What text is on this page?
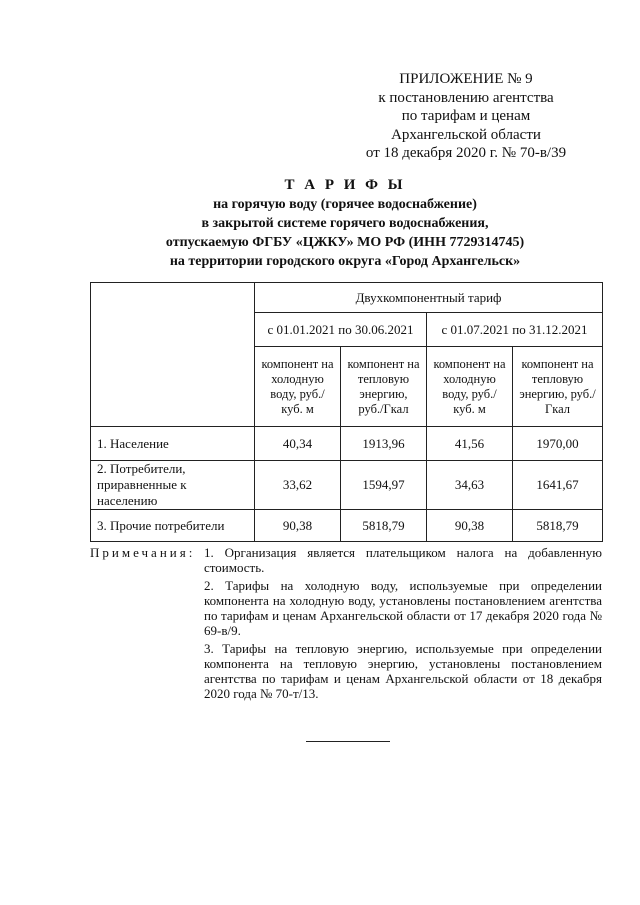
ПРИЛОЖЕНИЕ № 9
к постановлению агентства
по тарифам и ценам
Архангельской области
от 18 декабря 2020 г. № 70-в/39
Т А Р И Ф Ы
на горячую воду (горячее водоснабжение)
в закрытой системе горячего водоснабжения,
отпускаемую ФГБУ «ЦЖКУ» МО РФ (ИНН 7729314745)
на территории городского округа «Город Архангельск»
	Двухкомпонентный тариф			
	с 01.01.2021 по 30.06.2021		с 01.07.2021 по 31.12.2021	
	компонент на холодную воду, руб./куб. м	компонент на тепловую энергию, руб./Гкал	компонент на холодную воду, руб./куб. м	компонент на тепловую энергию, руб./Гкал
1. Население	40,34	1913,96	41,56	1970,00
2. Потребители, приравненные к населению	33,62	1594,97	34,63	1641,67
3. Прочие потребители	90,38	5818,79	90,38	5818,79
Примечания: 1. Организация является плательщиком налога на добавленную стоимость.
2. Тарифы на холодную воду, используемые при определении компонента на холодную воду, установлены постановлением агентства по тарифам и ценам Архангельской области от 17 декабря 2020 года № 69-в/9.
3. Тарифы на тепловую энергию, используемые при определении компонента на тепловую энергию, установлены постановлением агентства по тарифам и ценам Архангельской области от 18 декабря 2020 года № 70-т/13.
